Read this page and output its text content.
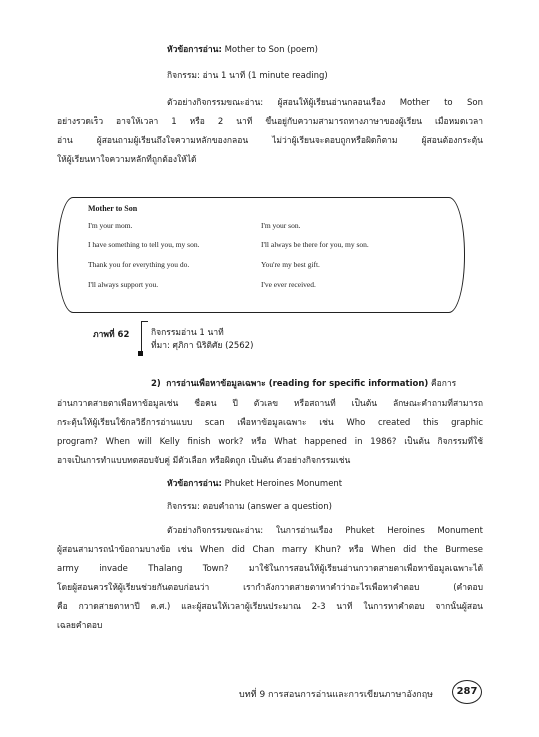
หัวข้อการอ่าน: Mother to Son (poem)
กิจกรรม: อ่าน 1 นาที (1 minute reading)
ตัวอย่างกิจกรรมขณะอ่าน: ผู้สอนให้ผู้เรียนอ่านกลอนเรื่อง Mother to Son
อย่างรวดเร็ว อาจให้เวลา 1 หรือ 2 นาที ขึ้นอยู่กับความสามารถทางภาษาของผู้เรียน เมื่อหมดเวลา
อ่าน ผู้สอนถามผู้เรียนถึงใจความหลักของกลอน ไม่ว่าผู้เรียนจะตอบถูกหรือผิดก็ตาม ผู้สอนต้องกระตุ้น
ให้ผู้เรียนหาใจความหลักที่ถูกต้องให้ได้
Mother to Son
I'm your mom.	I'm your son.
I have something to tell you, my son.	I'll always be there for you, my son.
Thank you for everything you do.	You're my best gift.
I'll always support you.	I've ever received.
ภาพที่ 62	กิจกรรมอ่าน 1 นาที
ที่มา: ศุภิกา นิริติศัย (2562)
2) การอ่านเพื่อหาข้อมูลเฉพาะ (reading for specific information) คือการ
อ่านกวาดสายตาเพื่อหาข้อมูลเช่น ชื่อคน ปี ตัวเลข หรือสถานที่ เป็นต้น ลักษณะคำถามที่สามารถ
กระตุ้นให้ผู้เรียนใช้กลวิธีการอ่านแบบ scan เพื่อหาข้อมูลเฉพาะ เช่น Who created this graphic
program? When will Kelly finish work? หรือ What happened in 1986? เป็นต้น กิจกรรมที่ใช้
อาจเป็นการทำแบบทดสอบจับคู่ มีตัวเลือก หรือผิดถูก เป็นต้น ตัวอย่างกิจกรรมเช่น
หัวข้อการอ่าน: Phuket Heroines Monument
กิจกรรม: ตอบคำถาม (answer a question)
ตัวอย่างกิจกรรมขณะอ่าน: ในการอ่านเรื่อง Phuket Heroines Monument
ผู้สอนสามารถนำข้อถามบางข้อ เช่น When did Chan marry Khun? หรือ When did the Burmese
army invade Thalang Town? มาใช้ในการสอนให้ผู้เรียนอ่านกวาดสายตาเพื่อหาข้อมูลเฉพาะได้
โดยผู้สอนควรให้ผู้เรียนช่วยกันตอบก่อนว่า เรากำลังกวาดสายตาหาคำว่าอะไรเพื่อหาคำตอบ (คำตอบ
คือ กวาดสายตาหาปี ค.ศ.) และผู้สอนให้เวลาผู้เรียนประมาณ 2-3 นาที ในการหาคำตอบ จากนั้นผู้สอน
เฉลยคำตอบ
บทที่ 9 การสอนการอ่านและการเขียนภาษาอังกฤษ	287
